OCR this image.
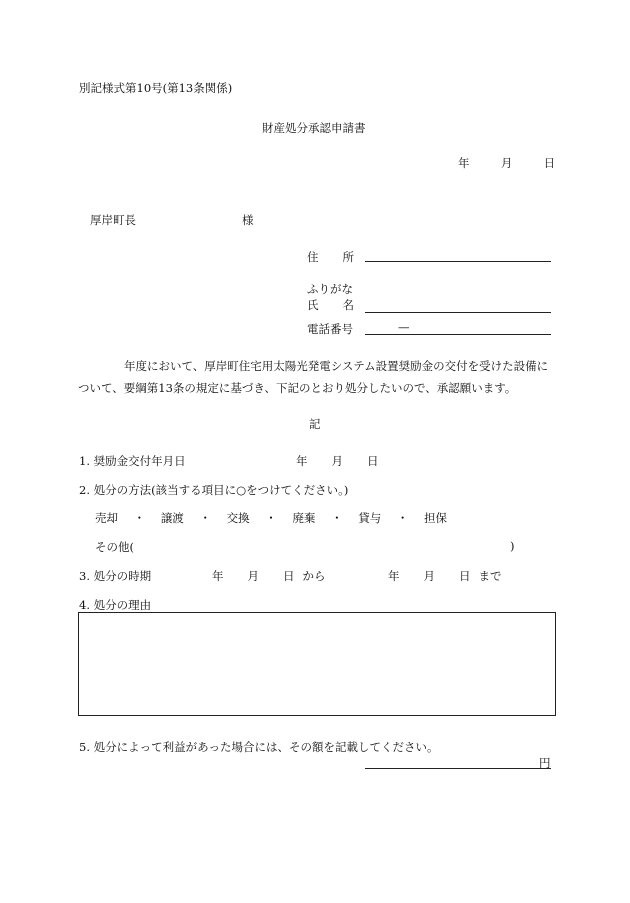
別記様式第10号(第13条関係)
財産処分承認申請書
年	月	日
厚岸町長	様
住 所
ふりがな
氏 名
電話番号	—
年度において、厚岸町住宅用太陽光発電システム設置奨励金の交付を受けた設備について、要綱第13条の規定に基づき、下記のとおり処分したいので、承認願います。
記
1. 奨励金交付年月日	年 月 日
2. 処分の方法(該当する項目に○をつけてください。)
売却 ・ 譲渡 ・ 交換 ・ 廃棄 ・ 貸与 ・ 担保
その他(	)
3. 処分の時期	年 月 日 から	年 月 日 まで
4. 処分の理由
5. 処分によって利益があった場合には、その額を記載してください。
円
